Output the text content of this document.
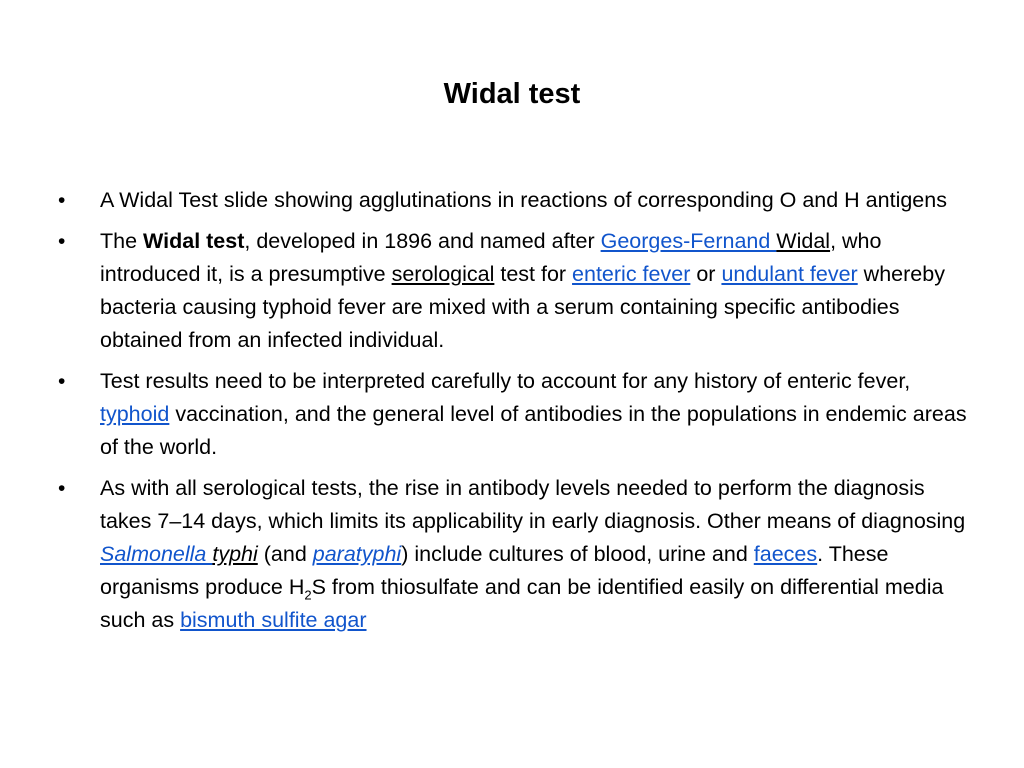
Widal test
• A Widal Test slide showing agglutinations in reactions of corresponding O and H antigens
• The Widal test, developed in 1896 and named after Georges-Fernand Widal, who introduced it, is a presumptive serological test for enteric fever or undulant fever whereby bacteria causing typhoid fever are mixed with a serum containing specific antibodies obtained from an infected individual.
• Test results need to be interpreted carefully to account for any history of enteric fever, typhoid vaccination, and the general level of antibodies in the populations in endemic areas of the world.
• As with all serological tests, the rise in antibody levels needed to perform the diagnosis takes 7–14 days, which limits its applicability in early diagnosis. Other means of diagnosing Salmonella typhi (and paratyphi) include cultures of blood, urine and faeces. These organisms produce $H_2S$ from thiosulfate and can be identified easily on differential media such as bismuth sulfite agar
